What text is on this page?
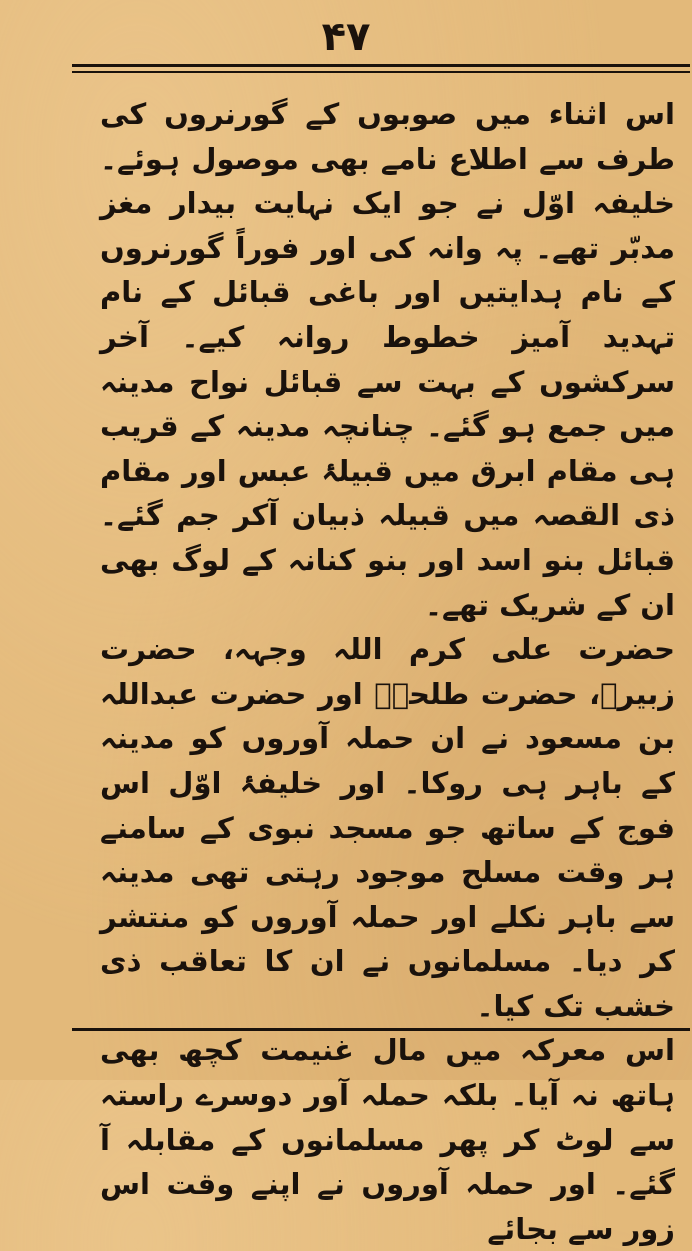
۴۷

اس اثناء میں صوبوں کے گورنروں کی طرف سے اطلاع نامے بھی موصول ہوئے۔ خلیفہ اوّل نے جو ایک نہایت بیدار مغز مدبّر تھے۔ پہ وانہ کی اور فوراً گورنروں کے نام ہدایتیں اور باغی قبائل کے نام تہدید آمیز خطوط روانہ کیے۔ آخر سرکشوں کے بہت سے قبائل نواح مدینہ میں جمع ہو گئے۔ چنانچہ مدینہ کے قریب ہی مقام ابرق میں قبیلۂ عبس اور مقام ذی القصہ میں قبیلہ ذبیان آکر جم گئے۔ قبائل بنو اسد اور بنو کنانہ کے لوگ بھی ان کے شریک تھے۔

حضرت علی کرم اللہ وجہہ، حضرت زبیرؓ، حضرت طلحہؓ اور حضرت عبداللہ بن مسعود نے ان حملہ آوروں کو مدینہ کے باہر ہی روکا۔ اور خلیفۂ اوّل اس فوج کے ساتھ جو مسجد نبوی کے سامنے ہر وقت مسلح موجود رہتی تھی مدینہ سے باہر نکلے اور حملہ آوروں کو منتشر کر دیا۔ مسلمانوں نے ان کا تعاقب ذی خشب تک کیا۔

اس معرکہ میں مال غنیمت کچھ بھی ہاتھ نہ آیا۔ بلکہ حملہ آور دوسرے راستہ سے لوٹ کر پھر مسلمانوں کے مقابلہ آ گئے۔ اور حملہ آوروں نے اپنے وقت اس زور سے بجائے
